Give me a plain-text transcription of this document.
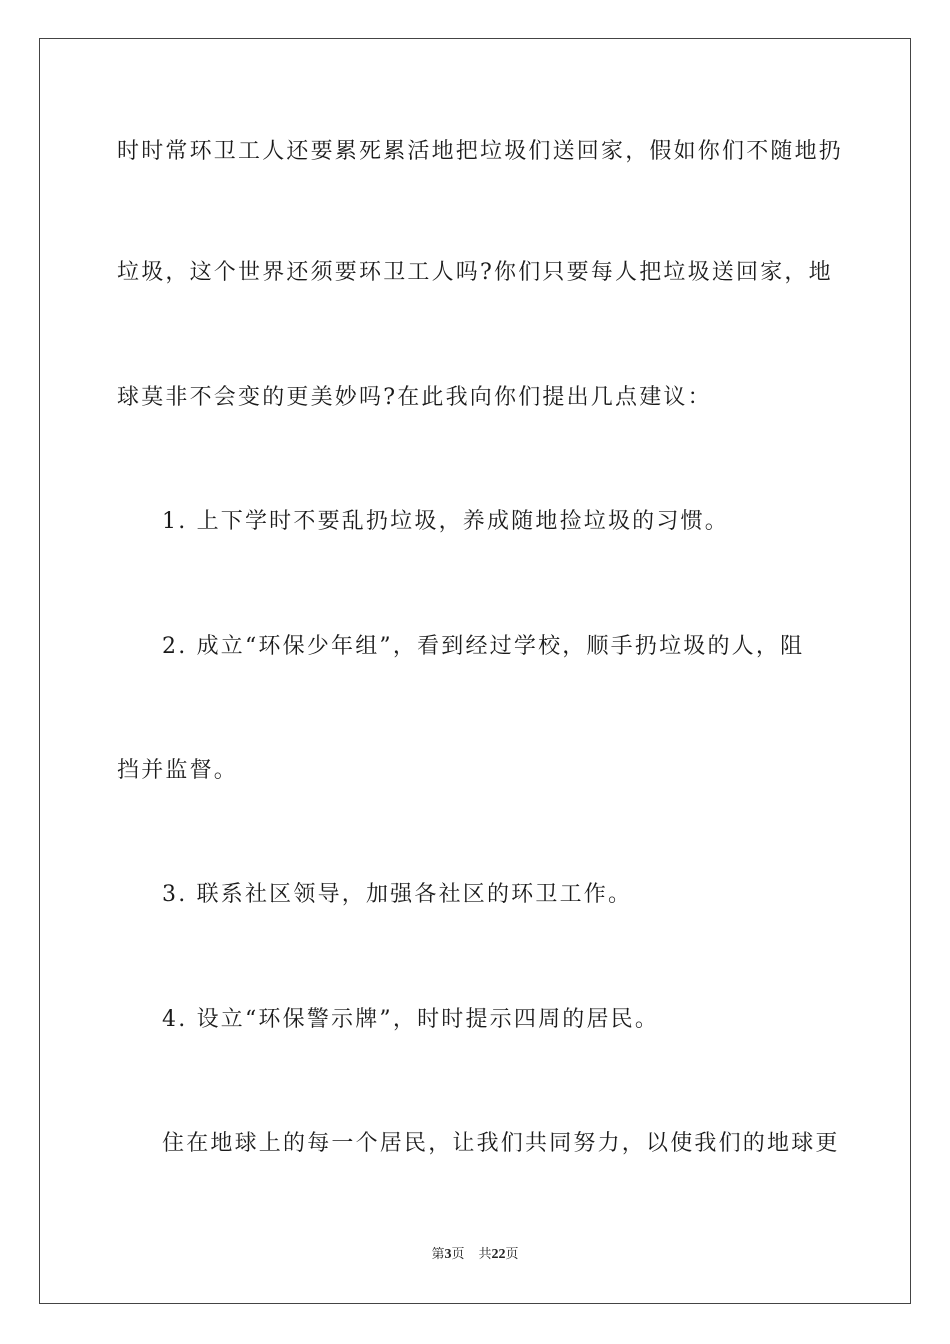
时时常环卫工人还要累死累活地把垃圾们送回家，假如你们不随地扔
垃圾，这个世界还须要环卫工人吗?你们只要每人把垃圾送回家，地
球莫非不会变的更美妙吗?在此我向你们提出几点建议：
1. 上下学时不要乱扔垃圾，养成随地捡垃圾的习惯。
2. 成立“环保少年组”，看到经过学校，顺手扔垃圾的人，阻
挡并监督。
3. 联系社区领导，加强各社区的环卫工作。
4. 设立“环保警示牌”，时时提示四周的居民。
住在地球上的每一个居民，让我们共同努力，以使我们的地球更
第3页 共22页
